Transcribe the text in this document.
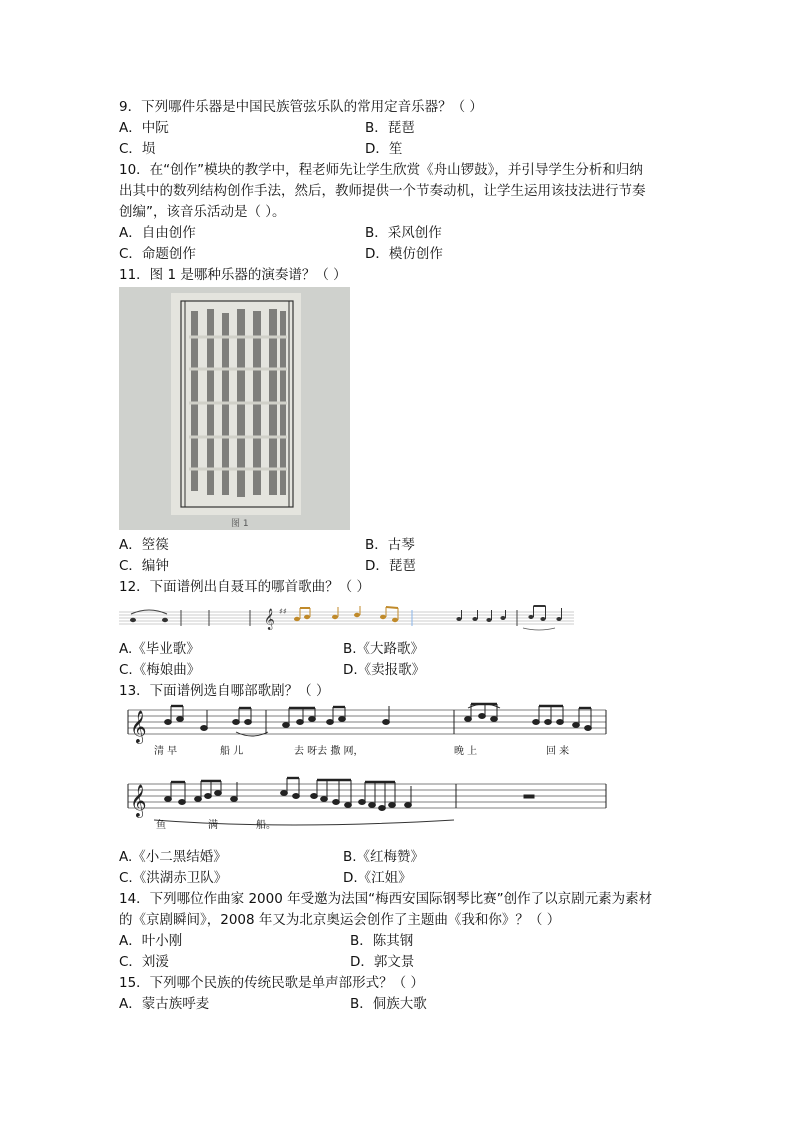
9．下列哪件乐器是中国民族管弦乐队的常用定音乐器？（ ）
A．中阮	B．琵琶
C．埙	D．笙
10．在“创作”模块的教学中，程老师先让学生欣赏《舟山锣鼓》，并引导学生分析和归纳
出其中的数列结构创作手法，然后，教师提供一个节奏动机，让学生运用该技法进行节奏
创编”，该音乐活动是（ ）。
A．自由创作	B．采风创作
C．命题创作	D．模仿创作
11．图 1 是哪种乐器的演奏谱？（ ）
图 1
A．箜篌	B．古琴
C．编钟	D．琵琶
12．下面谱例出自聂耳的哪首歌曲？（ ）
𝄞 ♯♯
A.《毕业歌》	B.《大路歌》
C.《梅娘曲》	D.《卖报歌》
13．下面谱例选自哪部歌剧？（ ）
𝄞
𝄞
清 早	船 儿	去 呀去 撒 网，	晚 上	回 来
鱼	满	船。
A.《小二黑结婚》	B.《红梅赞》
C.《洪湖赤卫队》	D.《江姐》
14．下列哪位作曲家 2000 年受邀为法国“梅西安国际钢琴比赛”创作了以京剧元素为素材
的《京剧瞬间》，2008 年又为北京奥运会创作了主题曲《我和你》？（ ）
A．叶小刚	B．陈其钢
C．刘湲	D．郭文景
15．下列哪个民族的传统民歌是单声部形式？（ ）
A．蒙古族呼麦	B．侗族大歌
